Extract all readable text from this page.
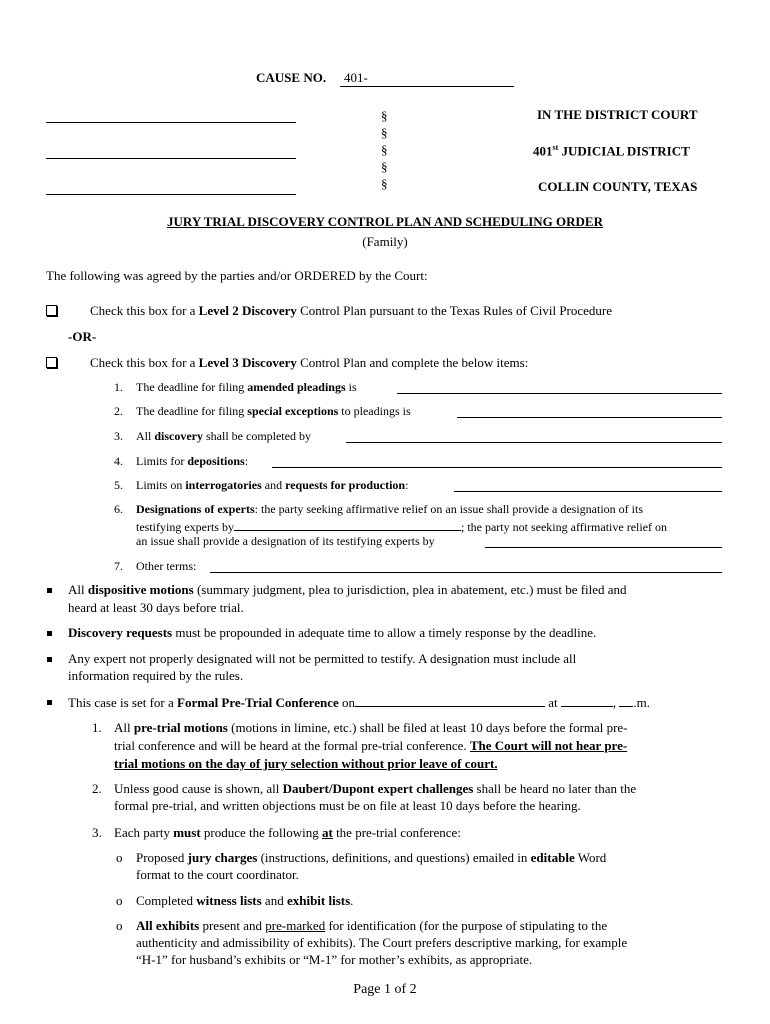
CAUSE NO.	401-
§
§
§
§
§
IN THE DISTRICT COURT
401st JUDICIAL DISTRICT
COLLIN COUNTY, TEXAS
JURY TRIAL DISCOVERY CONTROL PLAN AND SCHEDULING ORDER
(Family)
The following was agreed by the parties and/or ORDERED by the Court:
Check this box for a Level 2 Discovery Control Plan pursuant to the Texas Rules of Civil Procedure
-OR-
Check this box for a Level 3 Discovery Control Plan and complete the below items:
1. The deadline for filing amended pleadings is
2. The deadline for filing special exceptions to pleadings is
3. All discovery shall be completed by
4. Limits for depositions:
5. Limits on interrogatories and requests for production:
6. Designations of experts: the party seeking affirmative relief on an issue shall provide a designation of its
testifying experts by	; the party not seeking affirmative relief on
an issue shall provide a designation of its testifying experts by
7. Other terms:
All dispositive motions (summary judgment, plea to jurisdiction, plea in abatement, etc.) must be filed and
heard at least 30 days before trial.
Discovery requests must be propounded in adequate time to allow a timely response by the deadline.
Any expert not properly designated will not be permitted to testify. A designation must include all
information required by the rules.
This case is set for a Formal Pre-Trial Conference on	at	, .m.
1. All pre-trial motions (motions in limine, etc.) shall be filed at least 10 days before the formal pre-
trial conference and will be heard at the formal pre-trial conference. The Court will not hear pre-
trial motions on the day of jury selection without prior leave of court.
2. Unless good cause is shown, all Daubert/Dupont expert challenges shall be heard no later than the
formal pre-trial, and written objections must be on file at least 10 days before the hearing.
3. Each party must produce the following at the pre-trial conference:
o Proposed jury charges (instructions, definitions, and questions) emailed in editable Word
format to the court coordinator.
o Completed witness lists and exhibit lists.
o All exhibits present and pre-marked for identification (for the purpose of stipulating to the
authenticity and admissibility of exhibits). The Court prefers descriptive marking, for example
“H-1” for husband’s exhibits or “M-1” for mother’s exhibits, as appropriate.
Page 1 of 2
